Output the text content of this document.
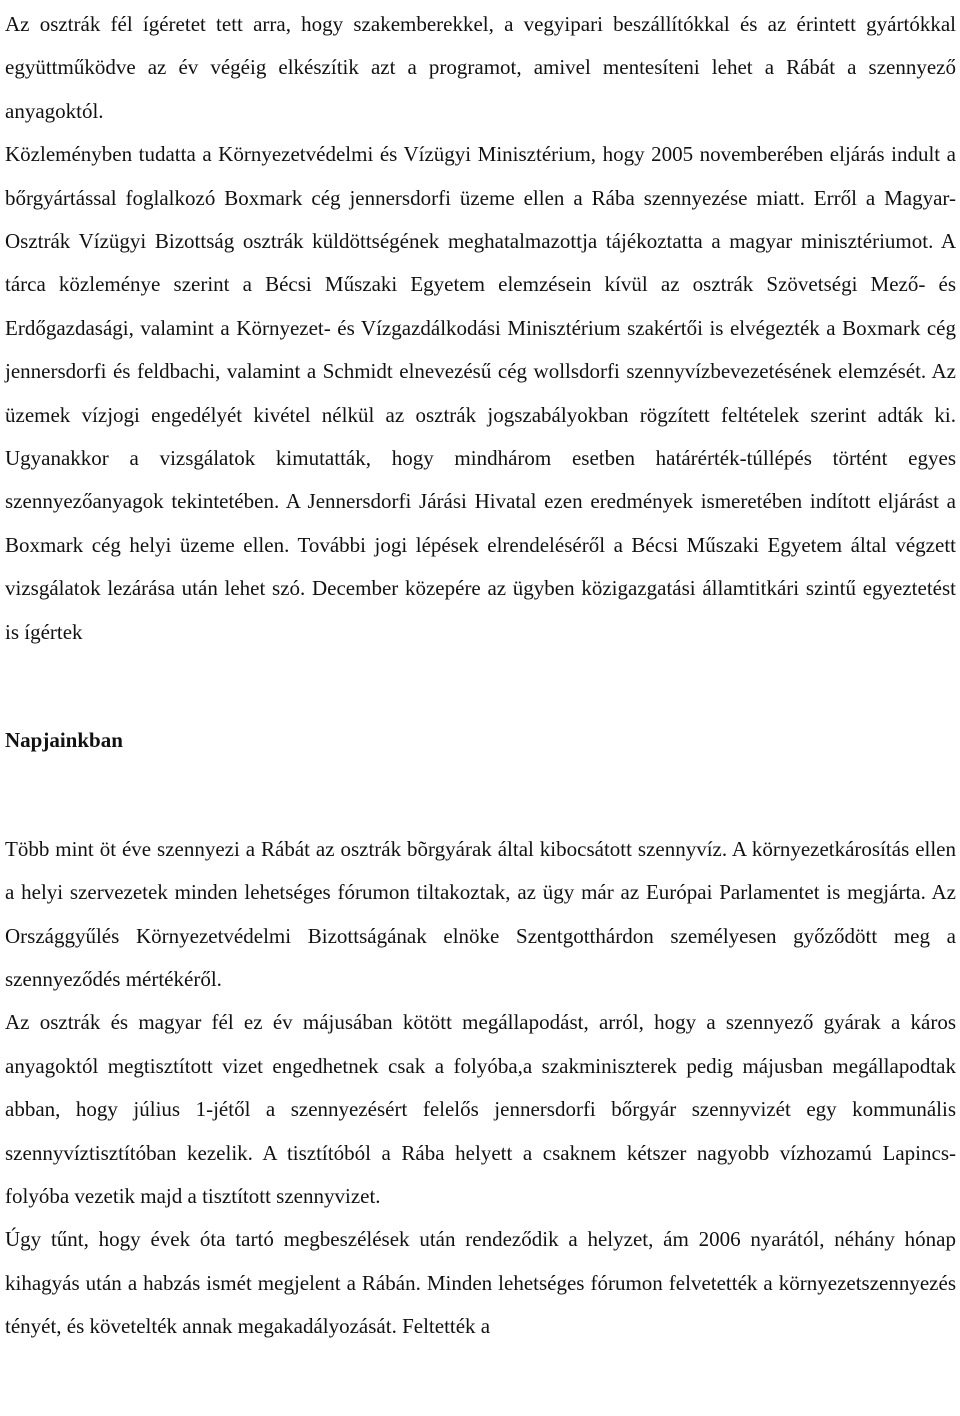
Az osztrák fél ígéretet tett arra, hogy szakemberekkel, a vegyipari beszállítókkal és az érintett gyártókkal együttműködve az év végéig elkészítik azt a programot, amivel mentesíteni lehet a Rábát a szennyező anyagoktól.

Közleményben tudatta a Környezetvédelmi és Vízügyi Minisztérium, hogy 2005 novemberében eljárás indult a bőrgyártással foglalkozó Boxmark cég jennersdorfi üzeme ellen a Rába szennyezése miatt. Erről a Magyar-Osztrák Vízügyi Bizottság osztrák küldöttségének meghatalmazottja tájékoztatta a magyar minisztériumot. A tárca közleménye szerint a Bécsi Műszaki Egyetem elemzésein kívül az osztrák Szövetségi Mező- és Erdőgazdasági, valamint a Környezet- és Vízgazdálkodási Minisztérium szakértői is elvégezték a Boxmark cég jennersdorfi és feldbachi, valamint a Schmidt elnevezésű cég wollsdorfi szennyvízbevezetésének elemzését. Az üzemek vízjogi engedélyét kivétel nélkül az osztrák jogszabályokban rögzített feltételek szerint adták ki. Ugyanakkor a vizsgálatok kimutatták, hogy mindhárom esetben határérték-túllépés történt egyes szennyezőanyagok tekintetében. A Jennersdorfi Járási Hivatal ezen eredmények ismeretében indított eljárást a Boxmark cég helyi üzeme ellen. További jogi lépések elrendeléséről a Bécsi Műszaki Egyetem által végzett vizsgálatok lezárása után lehet szó. December közepére az ügyben közigazgatási államtitkári szintű egyeztetést is ígértek

Napjainkban

Több mint öt éve szennyezi a Rábát az osztrák bõrgyárak által kibocsátott szennyvíz. A környezetkárosítás ellen a helyi szervezetek minden lehetséges fórumon tiltakoztak, az ügy már az Európai Parlamentet is megjárta. Az Országgyűlés Környezetvédelmi Bizottságának elnöke Szentgotthárdon személyesen győződött meg a szennyeződés mértékéről.

Az osztrák és magyar fél ez év májusában kötött megállapodást, arról, hogy a szennyező gyárak a káros anyagoktól megtisztított vizet engedhetnek csak a folyóba,a szakminiszterek pedig májusban megállapodtak abban, hogy július 1-jétől a szennyezésért felelős jennersdorfi bőrgyár szennyvizét egy kommunális szennyvíztisztítóban kezelik. A tisztítóból a Rába helyett a csaknem kétszer nagyobb vízhozamú Lapincs-folyóba vezetik majd a tisztított szennyvizet.

Úgy tűnt, hogy évek óta tartó megbeszélések után rendeződik a helyzet, ám 2006 nyarától, néhány hónap kihagyás után a habzás ismét megjelent a Rábán. Minden lehetséges fórumon felvetették a környezetszennyezés tényét, és követelték annak megakadályozását. Feltették a
